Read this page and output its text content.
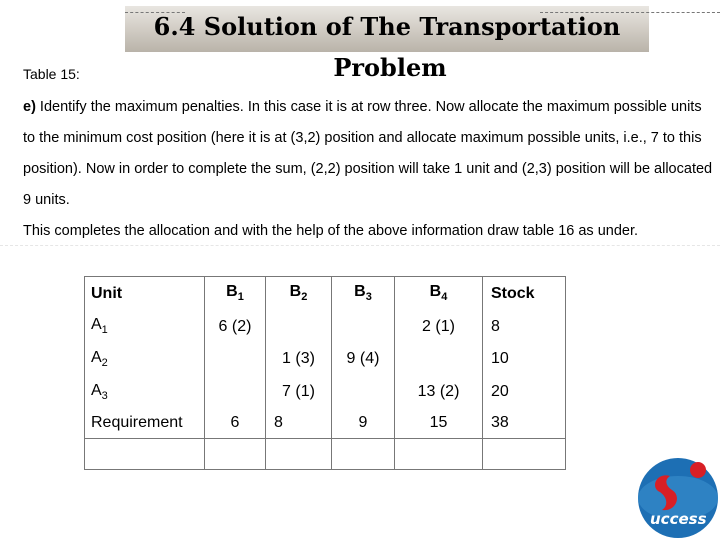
6.4 Solution of The Transportation
Problem
Table 15:

e) Identify the maximum penalties. In this case it is at row three. Now allocate the maximum possible units to the minimum cost position (here it is at (3,2) position and allocate maximum possible units, i.e., 7 to this position). Now in order to complete the sum, (2,2) position will take 1 unit and (2,3) position will be allocated 9 units.
This completes the allocation and with the help of the above information draw table 16 as under.

Unit	$B_1$	$B_2$	$B_3$	$B_4$	Stock
$A_1$	6 (2)			2 (1)	8
$A_2$		1 (3)	9 (4)		10
$A_3$		7 (1)		13 (2)	20
Requirement	6	8	9	15	38

uccess
